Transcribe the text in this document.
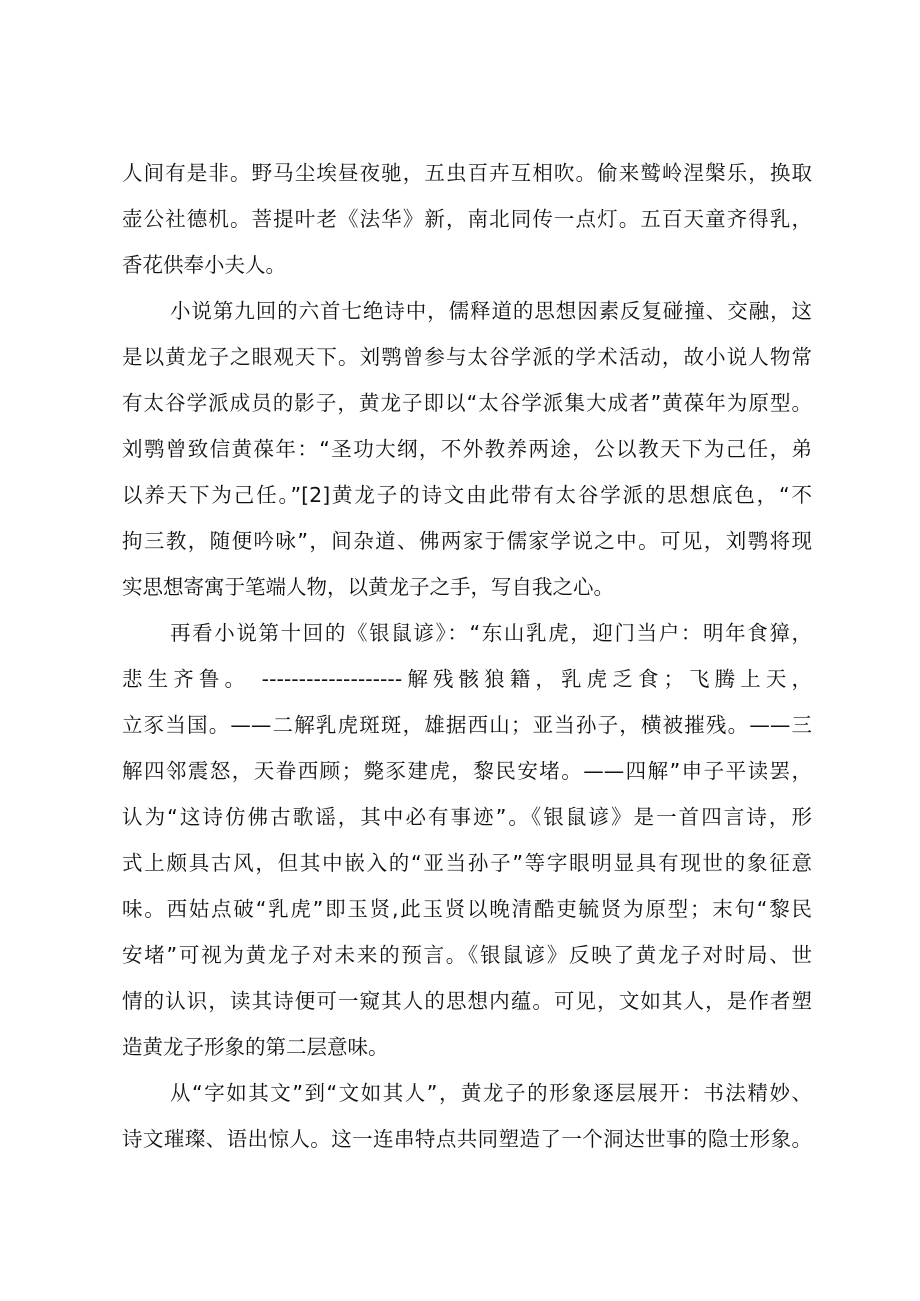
人间有是非。野马尘埃昼夜驰，五虫百卉互相吹。偷来鹫岭涅槃乐，换取
壶公社德机。菩提叶老《法华》新，南北同传一点灯。五百天童齐得乳，
香花供奉小夫人。
小说第九回的六首七绝诗中，儒释道的思想因素反复碰撞、交融，这
是以黄龙子之眼观天下。刘鹗曾参与太谷学派的学术活动，故小说人物常
有太谷学派成员的影子，黄龙子即以“太谷学派集大成者”黄葆年为原型。
刘鹗曾致信黄葆年：“圣功大纲，不外教养两途，公以教天下为己任，弟
以养天下为己任。”[2]黄龙子的诗文由此带有太谷学派的思想底色，“不
拘三教，随便吟咏”，间杂道、佛两家于儒家学说之中。可见，刘鹗将现
实思想寄寓于笔端人物，以黄龙子之手，写自我之心。
再看小说第十回的《银鼠谚》：“东山乳虎，迎门当户：明年食獐，
悲生齐鲁。 -------------------解残骸狼籍，乳虎乏食；飞腾上天，
立豕当国。——二解乳虎斑斑，雄据西山；亚当孙子，横被摧残。——三
解四邻震怒，天眷西顾；斃豕建虎，黎民安堵。——四解”申子平读罢，
认为“这诗仿佛古歌谣，其中必有事迹”。《银鼠谚》是一首四言诗，形
式上颇具古风，但其中嵌入的“亚当孙子”等字眼明显具有现世的象征意
味。西姑点破“乳虎”即玉贤,此玉贤以晚清酷吏毓贤为原型；末句“黎民
安堵”可视为黄龙子对未来的预言。《银鼠谚》反映了黄龙子对时局、世
情的认识，读其诗便可一窥其人的思想内蕴。可见，文如其人，是作者塑
造黄龙子形象的第二层意味。
从“字如其文”到“文如其人”，黄龙子的形象逐层展开：书法精妙、
诗文璀璨、语出惊人。这一连串特点共同塑造了一个洞达世事的隐士形象。
